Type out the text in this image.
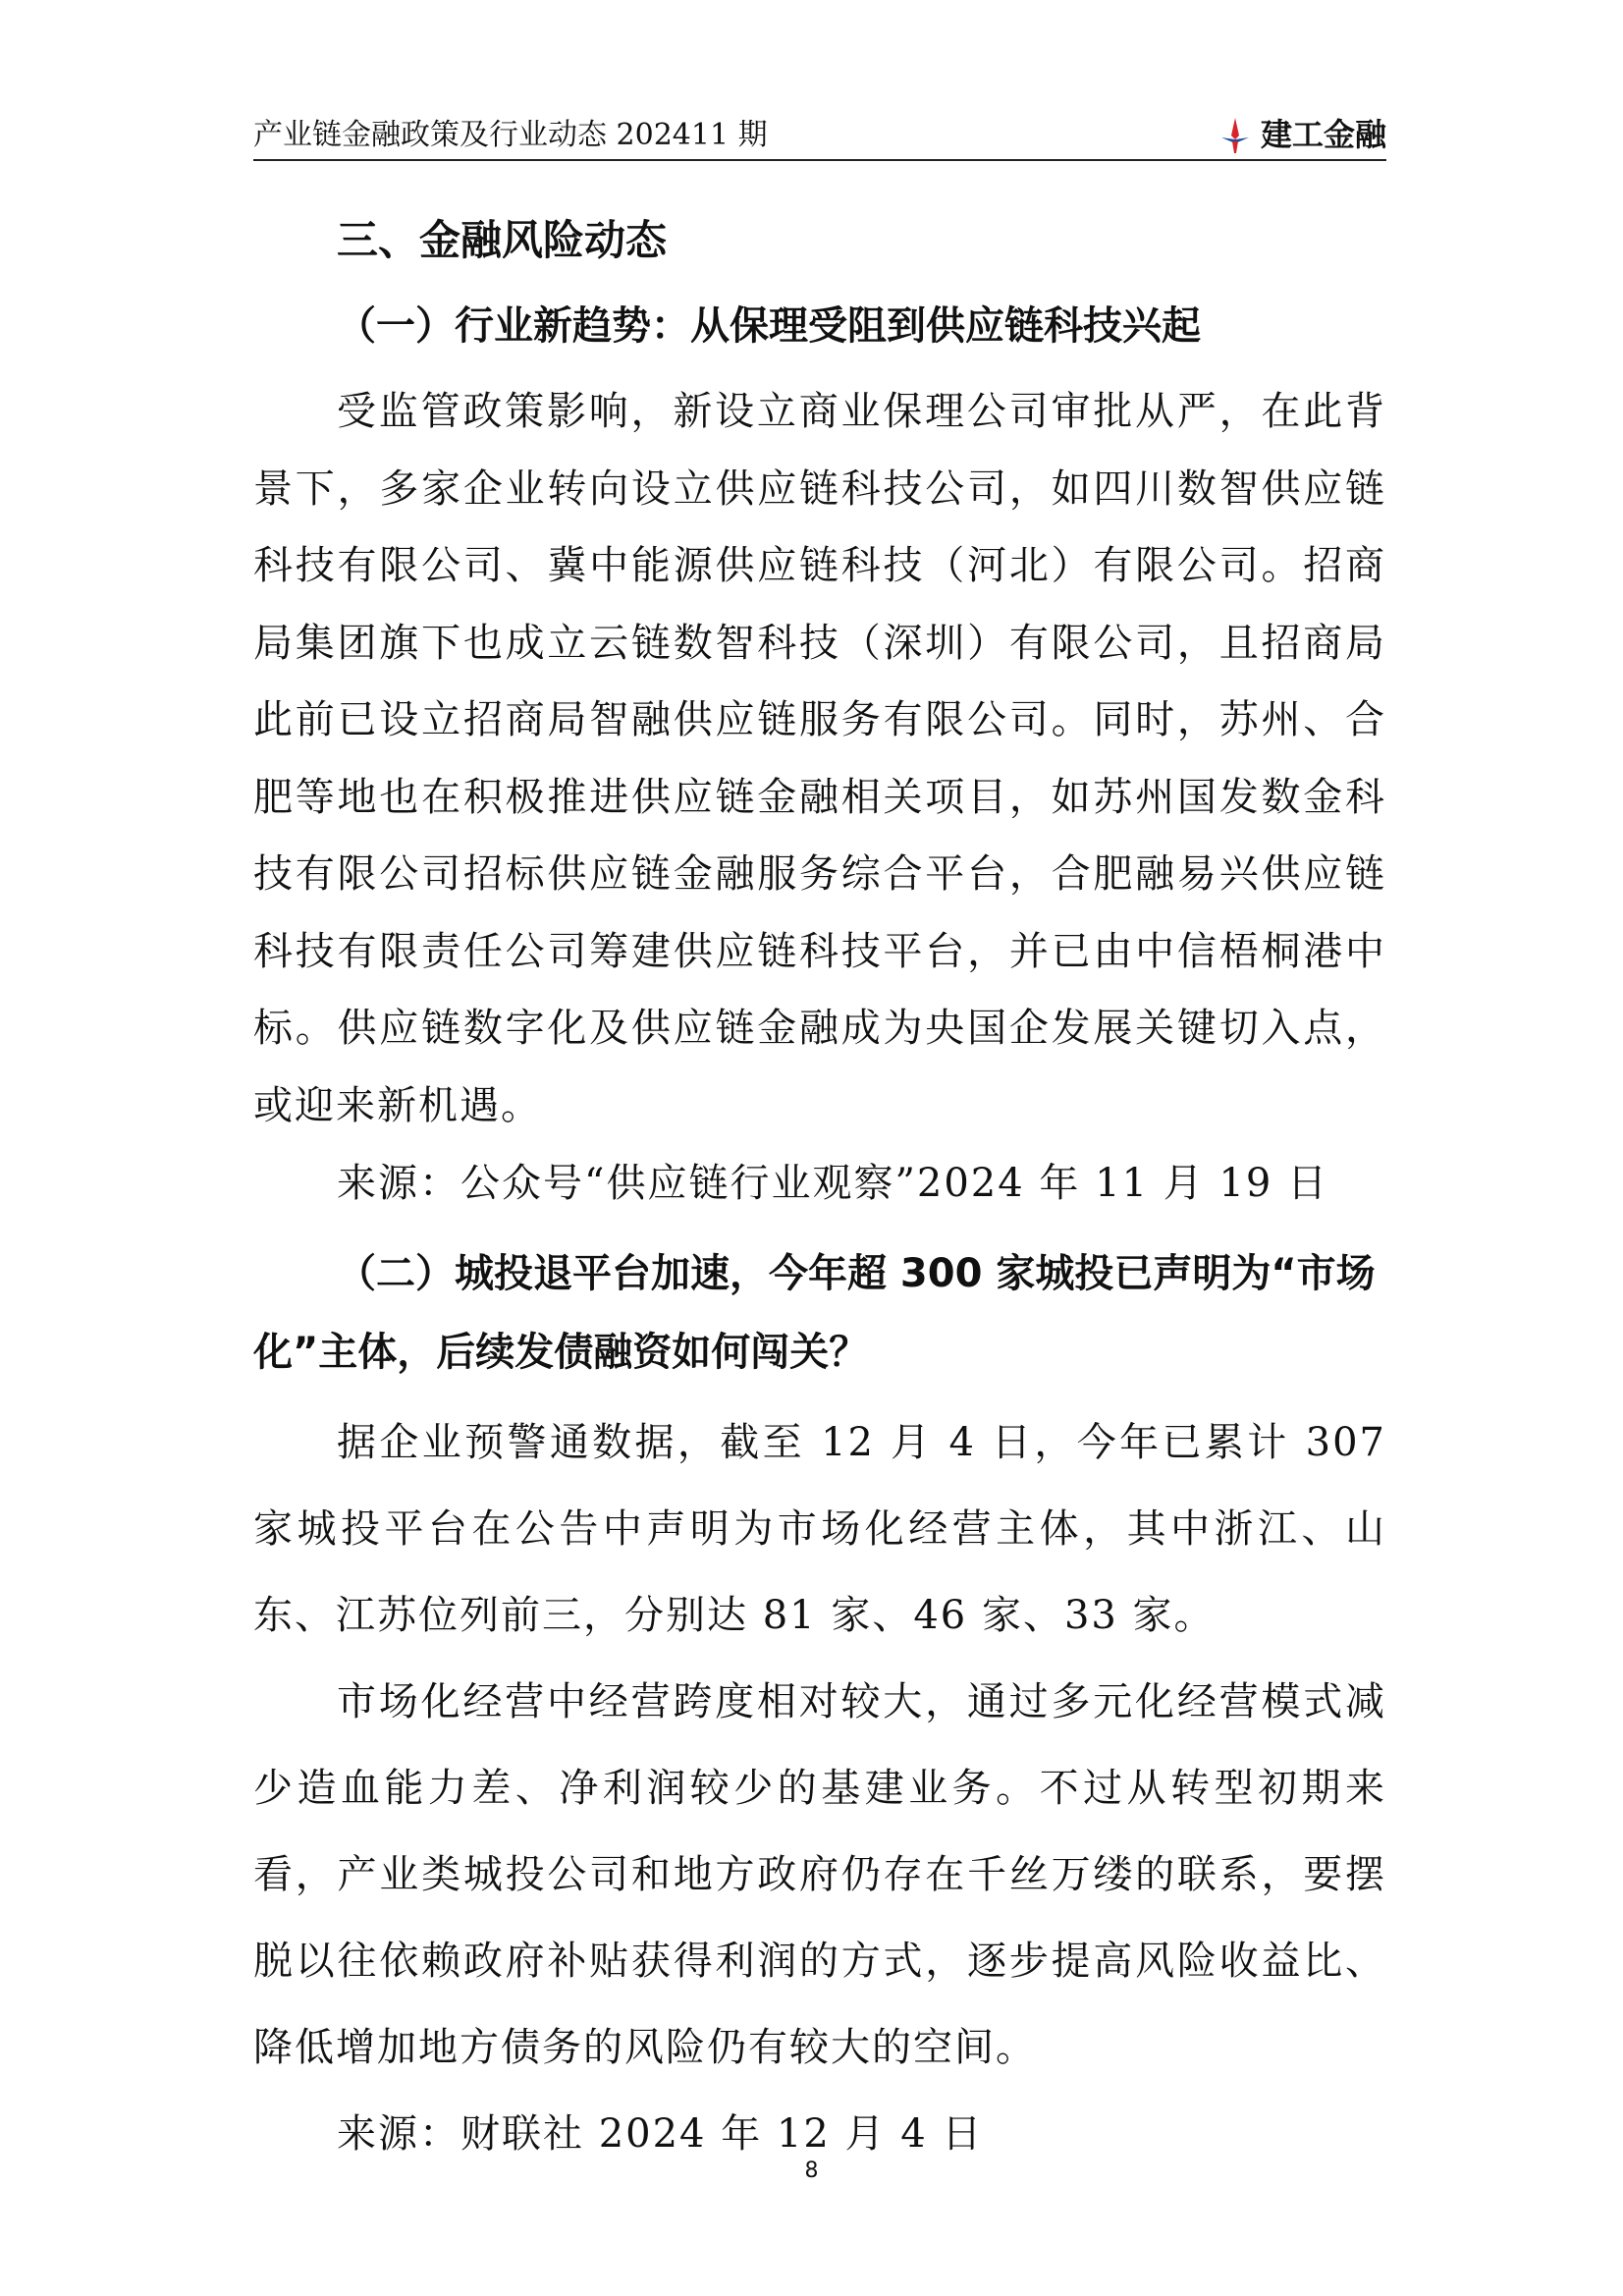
产业链金融政策及行业动态 202411 期	建工金融
三、金融风险动态
（一）行业新趋势：从保理受阻到供应链科技兴起

受监管政策影响，新设立商业保理公司审批从严，在此背景下，多家企业转向设立供应链科技公司，如四川数智供应链科技有限公司、冀中能源供应链科技（河北）有限公司。招商局集团旗下也成立云链数智科技（深圳）有限公司，且招商局此前已设立招商局智融供应链服务有限公司。同时，苏州、合肥等地也在积极推进供应链金融相关项目，如苏州国发数金科技有限公司招标供应链金融服务综合平台，合肥融易兴供应链科技有限责任公司筹建供应链科技平台，并已由中信梧桐港中标。供应链数字化及供应链金融成为央国企发展关键切入点，或迎来新机遇。

来源：公众号“供应链行业观察”2024 年 11 月 19 日

（二）城投退平台加速，今年超 300 家城投已声明为“市场化”主体，后续发债融资如何闯关？

据企业预警通数据，截至 12 月 4 日，今年已累计 307 家城投平台在公告中声明为市场化经营主体，其中浙江、山东、江苏位列前三，分别达 81 家、46 家、33 家。

市场化经营中经营跨度相对较大，通过多元化经营模式减少造血能力差、净利润较少的基建业务。不过从转型初期来看，产业类城投公司和地方政府仍存在千丝万缕的联系，要摆脱以往依赖政府补贴获得利润的方式，逐步提高风险收益比、降低增加地方债务的风险仍有较大的空间。

来源：财联社 2024 年 12 月 4 日

8
